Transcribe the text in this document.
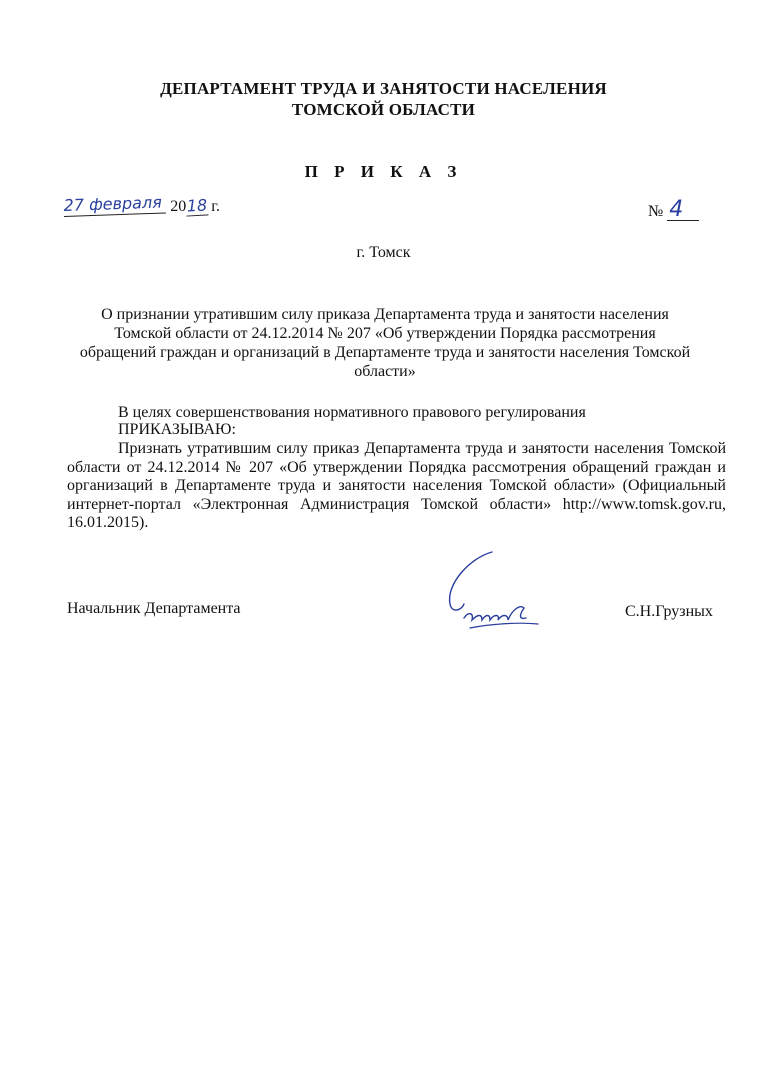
ДЕПАРТАМЕНТ ТРУДА И ЗАНЯТОСТИ НАСЕЛЕНИЯ
ТОМСКОЙ ОБЛАСТИ
П Р И К А З
27 февраля 2018 г.	№ 4
г. Томск
О признании утратившим силу приказа Департамента труда и занятости населения Томской области от 24.12.2014 № 207 «Об утверждении Порядка рассмотрения обращений граждан и организаций в Департаменте труда и занятости населения Томской области»
В целях совершенствования нормативного правового регулирования
ПРИКАЗЫВАЮ:
Признать утратившим силу приказ Департамента труда и занятости населения Томской области от 24.12.2014 № 207 «Об утверждении Порядка рассмотрения обращений граждан и организаций в Департаменте труда и занятости населения Томской области» (Официальный интернет-портал «Электронная Администрация Томской области» http://www.tomsk.gov.ru, 16.01.2015).
Начальник Департамента	С.Н.Грузных
